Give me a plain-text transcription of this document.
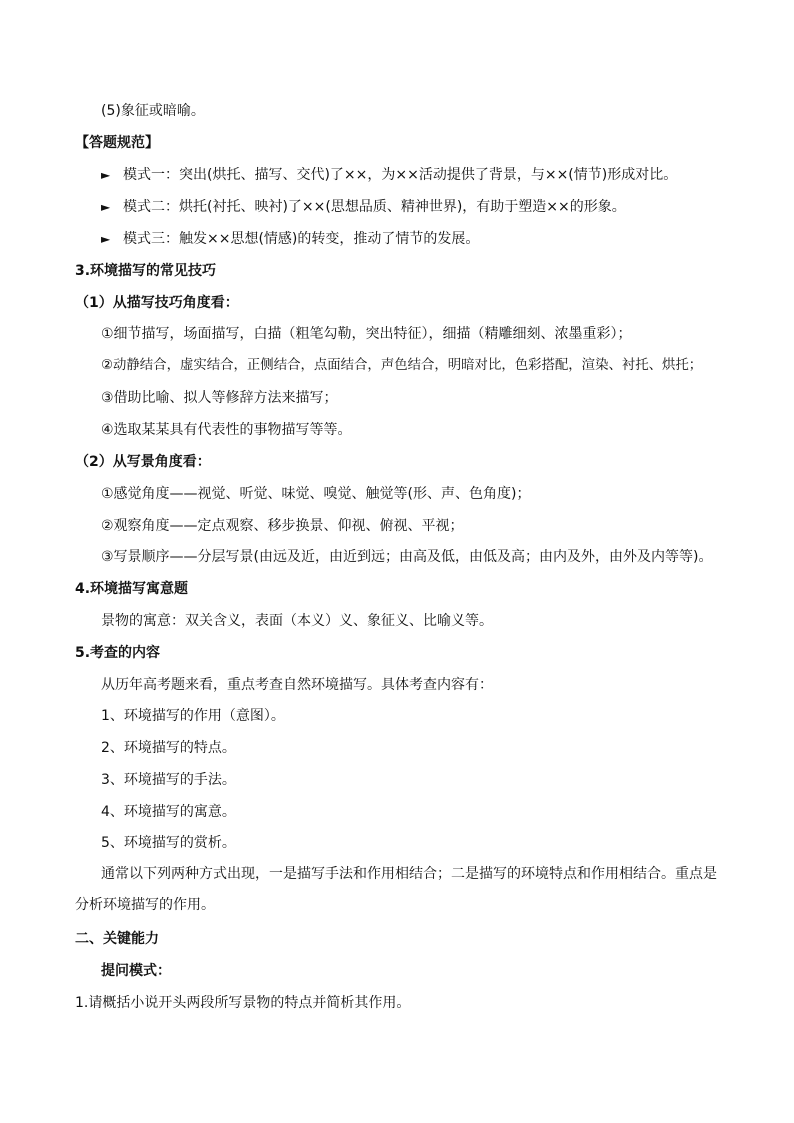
(5)象征或暗喻。
【答题规范】
► 模式一：突出(烘托、描写、交代)了××，为××活动提供了背景，与××(情节)形成对比。
► 模式二：烘托(衬托、映衬)了××(思想品质、精神世界)，有助于塑造××的形象。
► 模式三：触发××思想(情感)的转变，推动了情节的发展。
3.环境描写的常见技巧
（1）从描写技巧角度看：
①细节描写，场面描写，白描（粗笔勾勒，突出特征），细描（精雕细刻、浓墨重彩）；
②动静结合，虚实结合，正侧结合，点面结合，声色结合，明暗对比，色彩搭配，渲染、衬托、烘托；
③借助比喻、拟人等修辞方法来描写；
④选取某某具有代表性的事物描写等等。
（2）从写景角度看：
①感觉角度——视觉、听觉、味觉、嗅觉、触觉等(形、声、色角度)；
②观察角度——定点观察、移步换景、仰视、俯视、平视；
③写景顺序——分层写景(由远及近，由近到远；由高及低，由低及高；由内及外，由外及内等等)。
4.环境描写寓意题
景物的寓意：双关含义，表面（本义）义、象征义、比喻义等。
5.考查的内容
从历年高考题来看，重点考查自然环境描写。具体考查内容有：
1、环境描写的作用（意图）。
2、环境描写的特点。
3、环境描写的手法。
4、环境描写的寓意。
5、环境描写的赏析。
通常以下列两种方式出现，一是描写手法和作用相结合；二是描写的环境特点和作用相结合。重点是分析环境描写的作用。
二、关键能力
提问模式：
1.请概括小说开头两段所写景物的特点并简析其作用。
